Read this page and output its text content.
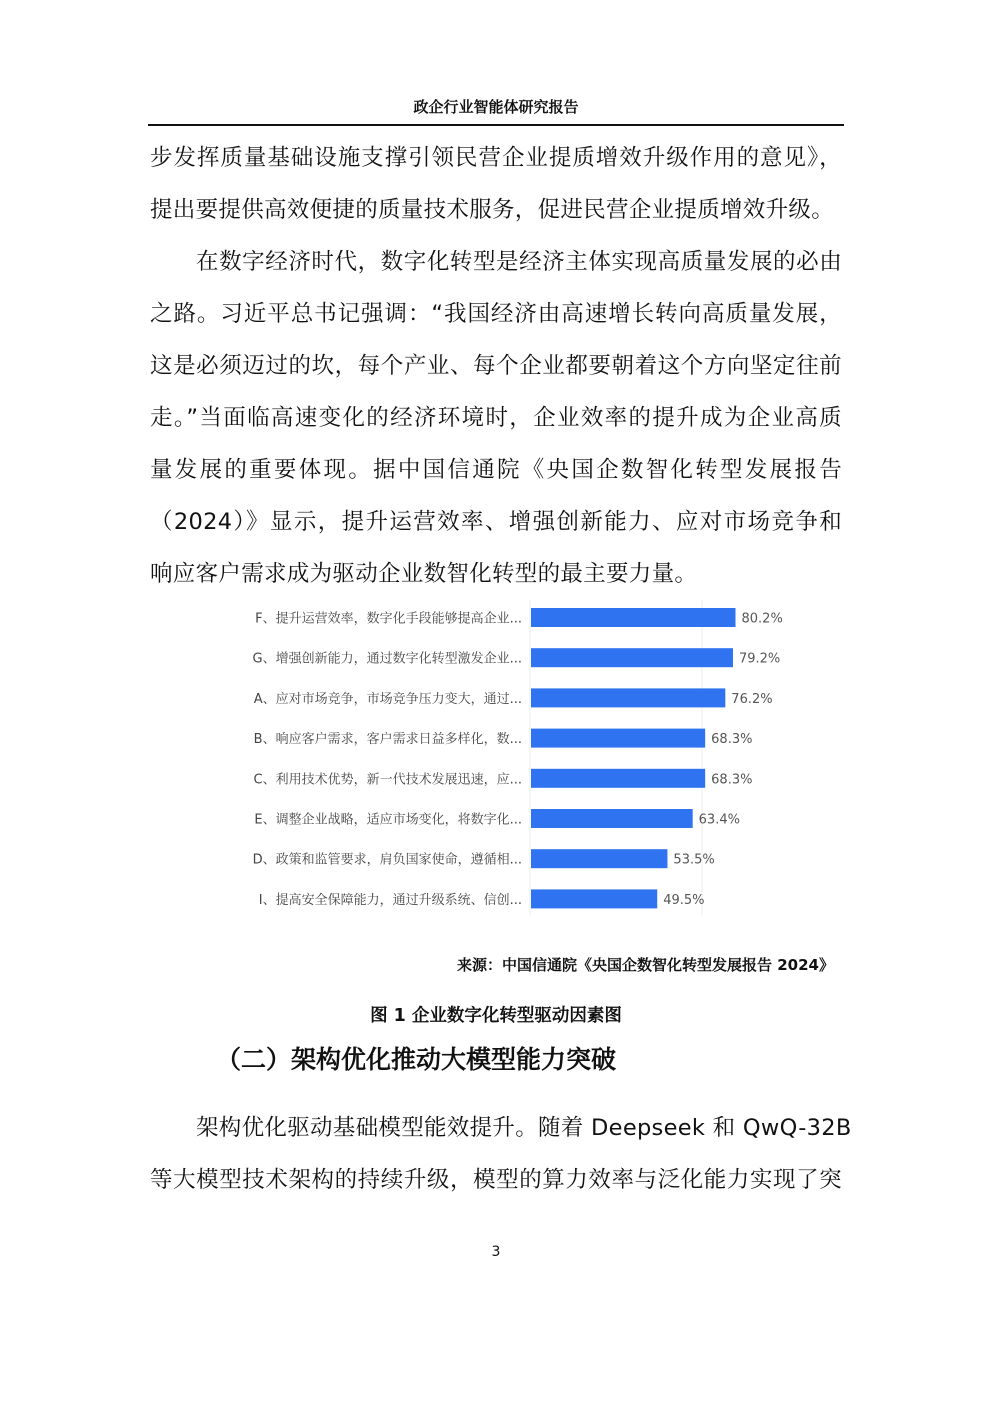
政企行业智能体研究报告
步发挥质量基础设施支撑引领民营企业提质增效升级作用的意见》，
提出要提供高效便捷的质量技术服务，促进民营企业提质增效升级。
在数字经济时代，数字化转型是经济主体实现高质量发展的必由
之路。习近平总书记强调：“我国经济由高速增长转向高质量发展，
这是必须迈过的坎，每个产业、每个企业都要朝着这个方向坚定往前
走。”当面临高速变化的经济环境时，企业效率的提升成为企业高质
量发展的重要体现。据中国信通院《央国企数智化转型发展报告
（2024）》显示，提升运营效率、增强创新能力、应对市场竞争和
响应客户需求成为驱动企业数智化转型的最主要力量。
F、提升运营效率，数字化手段能够提高企业...	80.2%
G、增强创新能力，通过数字化转型激发企业...	79.2%
A、应对市场竞争，市场竞争压力变大，通过...	76.2%
B、响应客户需求，客户需求日益多样化，数...	68.3%
C、利用技术优势，新一代技术发展迅速，应...	68.3%
E、调整企业战略，适应市场变化，将数字化...	63.4%
D、政策和监管要求，肩负国家使命，遵循相...	53.5%
I、提高安全保障能力，通过升级系统、信创...	49.5%
来源：中国信通院《央国企数智化转型发展报告 2024》
图 1 企业数字化转型驱动因素图
（二）架构优化推动大模型能力突破
架构优化驱动基础模型能效提升。随着 Deepseek 和 QwQ-32B
等大模型技术架构的持续升级，模型的算力效率与泛化能力实现了突
3
